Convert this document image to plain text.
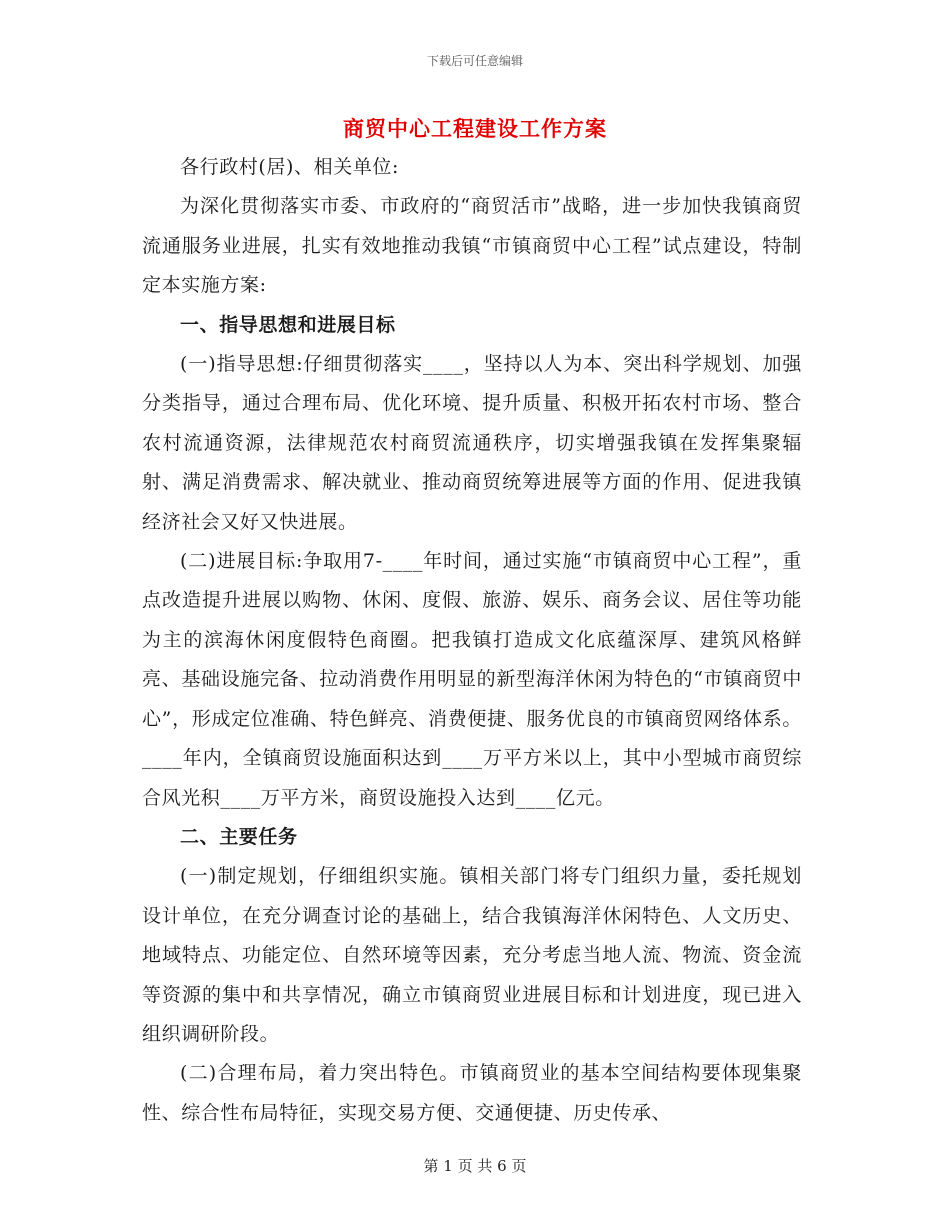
下载后可任意编辑
商贸中心工程建设工作方案

各行政村(居)、相关单位:

为深化贯彻落实市委、市政府的“商贸活市”战略，进一步加快我镇商贸流通服务业进展，扎实有效地推动我镇“市镇商贸中心工程”试点建设，特制定本实施方案:

一、指导思想和进展目标

(一)指导思想:仔细贯彻落实____，坚持以人为本、突出科学规划、加强分类指导，通过合理布局、优化环境、提升质量、积极开拓农村市场、整合农村流通资源，法律规范农村商贸流通秩序，切实增强我镇在发挥集聚辐射、满足消费需求、解决就业、推动商贸统筹进展等方面的作用、促进我镇经济社会又好又快进展。

(二)进展目标:争取用7-____年时间，通过实施“市镇商贸中心工程”，重点改造提升进展以购物、休闲、度假、旅游、娱乐、商务会议、居住等功能为主的滨海休闲度假特色商圈。把我镇打造成文化底蕴深厚、建筑风格鲜亮、基础设施完备、拉动消费作用明显的新型海洋休闲为特色的“市镇商贸中心”，形成定位准确、特色鲜亮、消费便捷、服务优良的市镇商贸网络体系。____年内，全镇商贸设施面积达到____万平方米以上，其中小型城市商贸综合风光积____万平方米，商贸设施投入达到____亿元。

二、主要任务

(一)制定规划，仔细组织实施。镇相关部门将专门组织力量，委托规划设计单位，在充分调查讨论的基础上，结合我镇海洋休闲特色、人文历史、地域特点、功能定位、自然环境等因素，充分考虑当地人流、物流、资金流等资源的集中和共享情况，确立市镇商贸业进展目标和计划进度，现已进入组织调研阶段。

(二)合理布局，着力突出特色。市镇商贸业的基本空间结构要体现集聚性、综合性布局特征，实现交易方便、交通便捷、历史传承、

第 1 页 共 6 页
